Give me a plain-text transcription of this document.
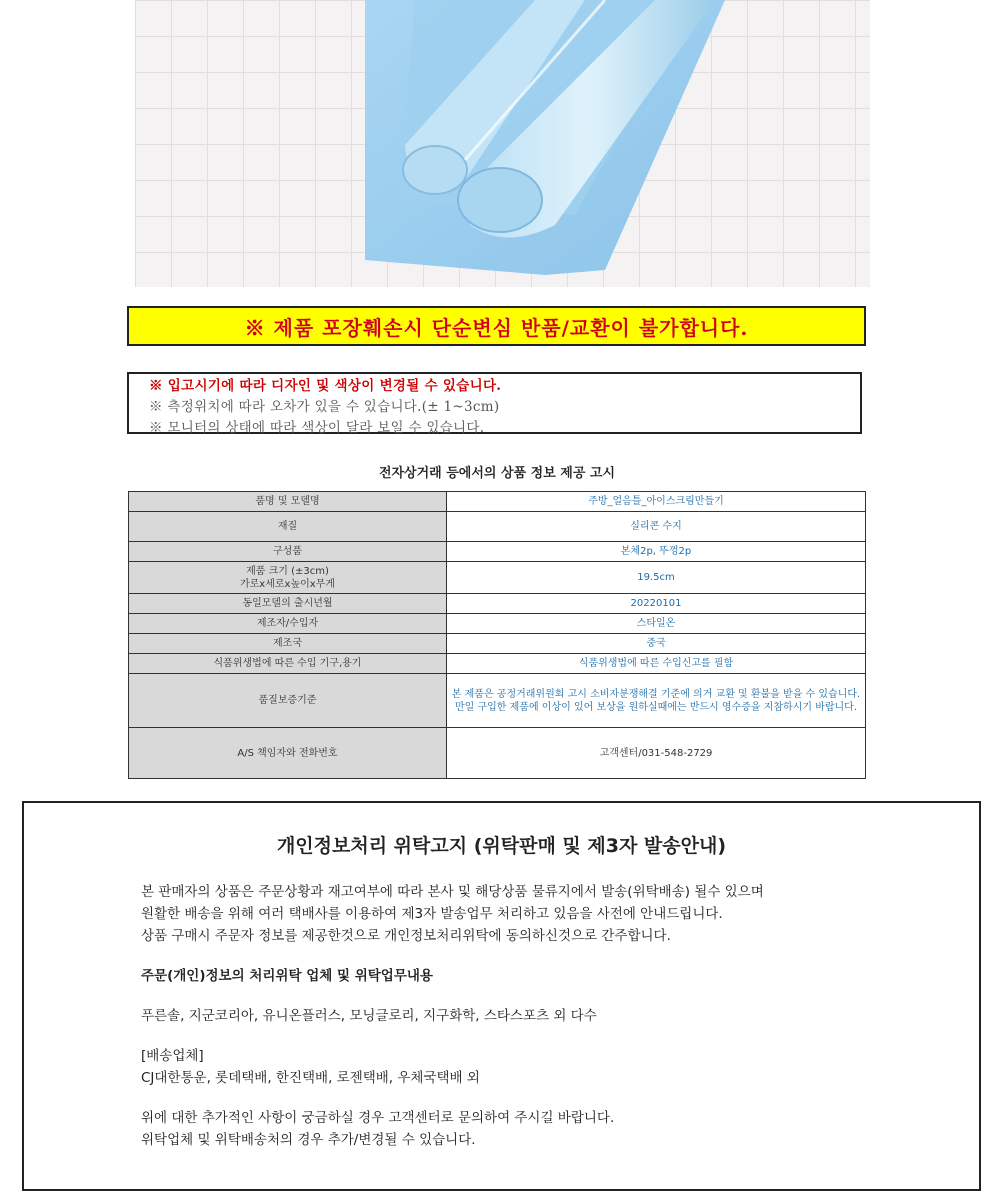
※ 제품 포장훼손시 단순변심 반품/교환이 불가합니다.
※ 입고시기에 따라 디자인 및 색상이 변경될 수 있습니다.
※ 측정위치에 따라 오차가 있을 수 있습니다.(± 1~3cm)
※ 모니터의 상태에 따라 색상이 달라 보일 수 있습니다.
전자상거래 등에서의 상품 정보 제공 고시
품명 및 모델명	주방_얼음틀_아이스크림만들기
재질	실리콘 수지
구성품	본체2p, 뚜껑2p

제품 크기 (±3cm)
가로x세로x높이x무게	19.5cm
동일모델의 출시년월	20220101
제조자/수입자	스타일온
제조국	중국
식품위생법에 따른 수입 기구,용기	식품위생법에 따른 수입신고를 필함
품질보증기준	본 제품은 공정거래위원회 고시 소비자분쟁해결 기준에 의거 교환 및 환불을 받을 수 있습니다. 만일 구입한 제품에 이상이 있어 보상을 원하실때에는 반드시 영수증을 지참하시기 바랍니다.
A/S 책임자와 전화번호	고객센터/031-548-2729
개인정보처리 위탁고지 (위탁판매 및 제3자 발송안내)
본 판매자의 상품은 주문상황과 재고여부에 따라 본사 및 해당상품 물류지에서 발송(위탁배송) 될수 있으며
원활한 배송을 위해 여러 택배사를 이용하여 제3자 발송업무 처리하고 있음을 사전에 안내드립니다.
상품 구매시 주문자 정보를 제공한것으로 개인정보처리위탁에 동의하신것으로 간주합니다.
주문(개인)정보의 처리위탁 업체 및 위탁업무내용
푸른솔, 지군코리아, 유니온플러스, 모닝글로리, 지구화학, 스타스포츠 외 다수
[배송업체]
CJ대한통운, 롯데택배, 한진택배, 로젠택배, 우체국택배 외
위에 대한 추가적인 사항이 궁금하실 경우 고객센터로 문의하여 주시길 바랍니다.
위탁업체 및 위탁배송처의 경우 추가/변경될 수 있습니다.
